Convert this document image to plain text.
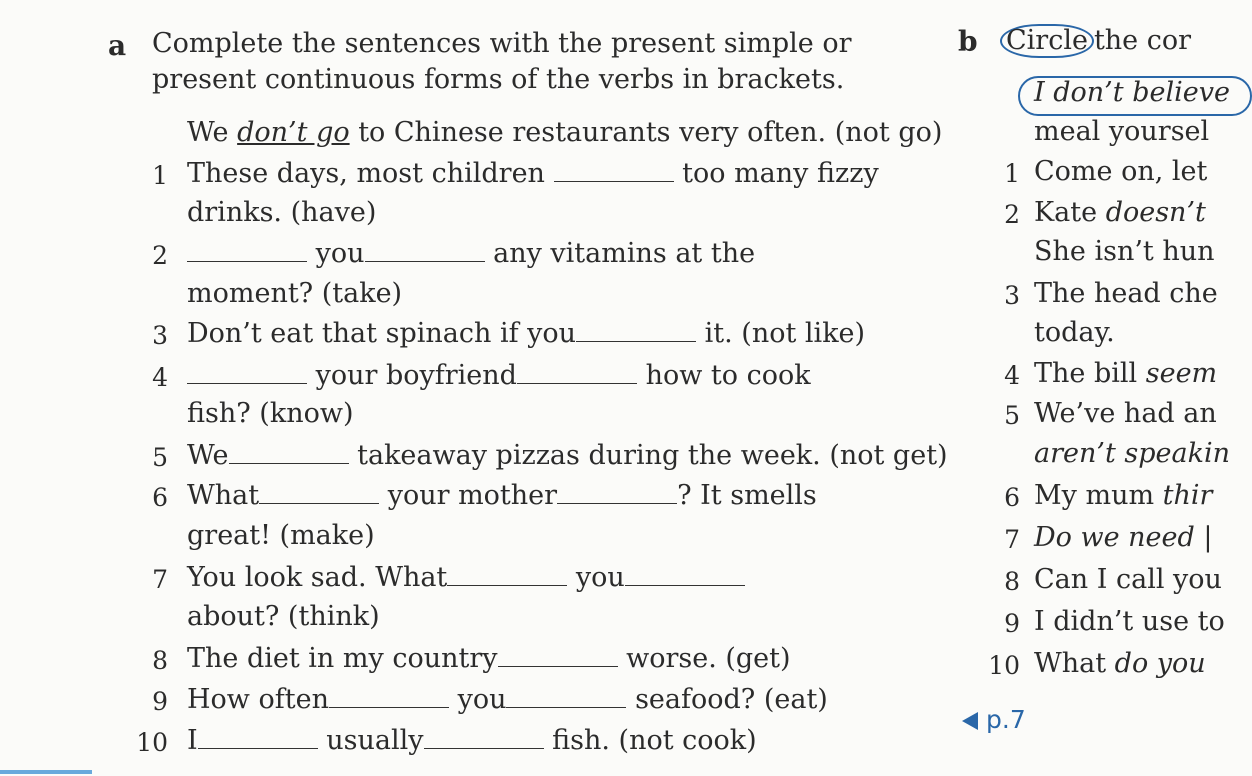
a Complete the sentences with the present simple or
present continuous forms of the verbs in brackets.
We don’t go to Chinese restaurants very often. (not go)
1 These days, most children	too many fizzy
drinks. (have)
2	you	any vitamins at the
moment? (take)
3 Don’t eat that spinach if you	it. (not like)
4	your boyfriend	how to cook
fish? (know)
5 We	takeaway pizzas during the week. (not get)
6 What	your mother	? It smells
great! (make)
7 You look sad. What	you
about? (think)
8 The diet in my country	worse. (get)
9 How often	you	seafood? (eat)
10 I	usually	fish. (not cook)
b Circle the cor
I don’t believe
meal yoursel
1 Come on, let
2 Kate doesn’t
She isn’t hun
3 The head che
today.
4 The bill seem
5 We’ve had an
aren’t speakin
6 My mum thir
7 Do we need |
8 Can I call you
9 I didn’t use to
10 What do you
p.7
